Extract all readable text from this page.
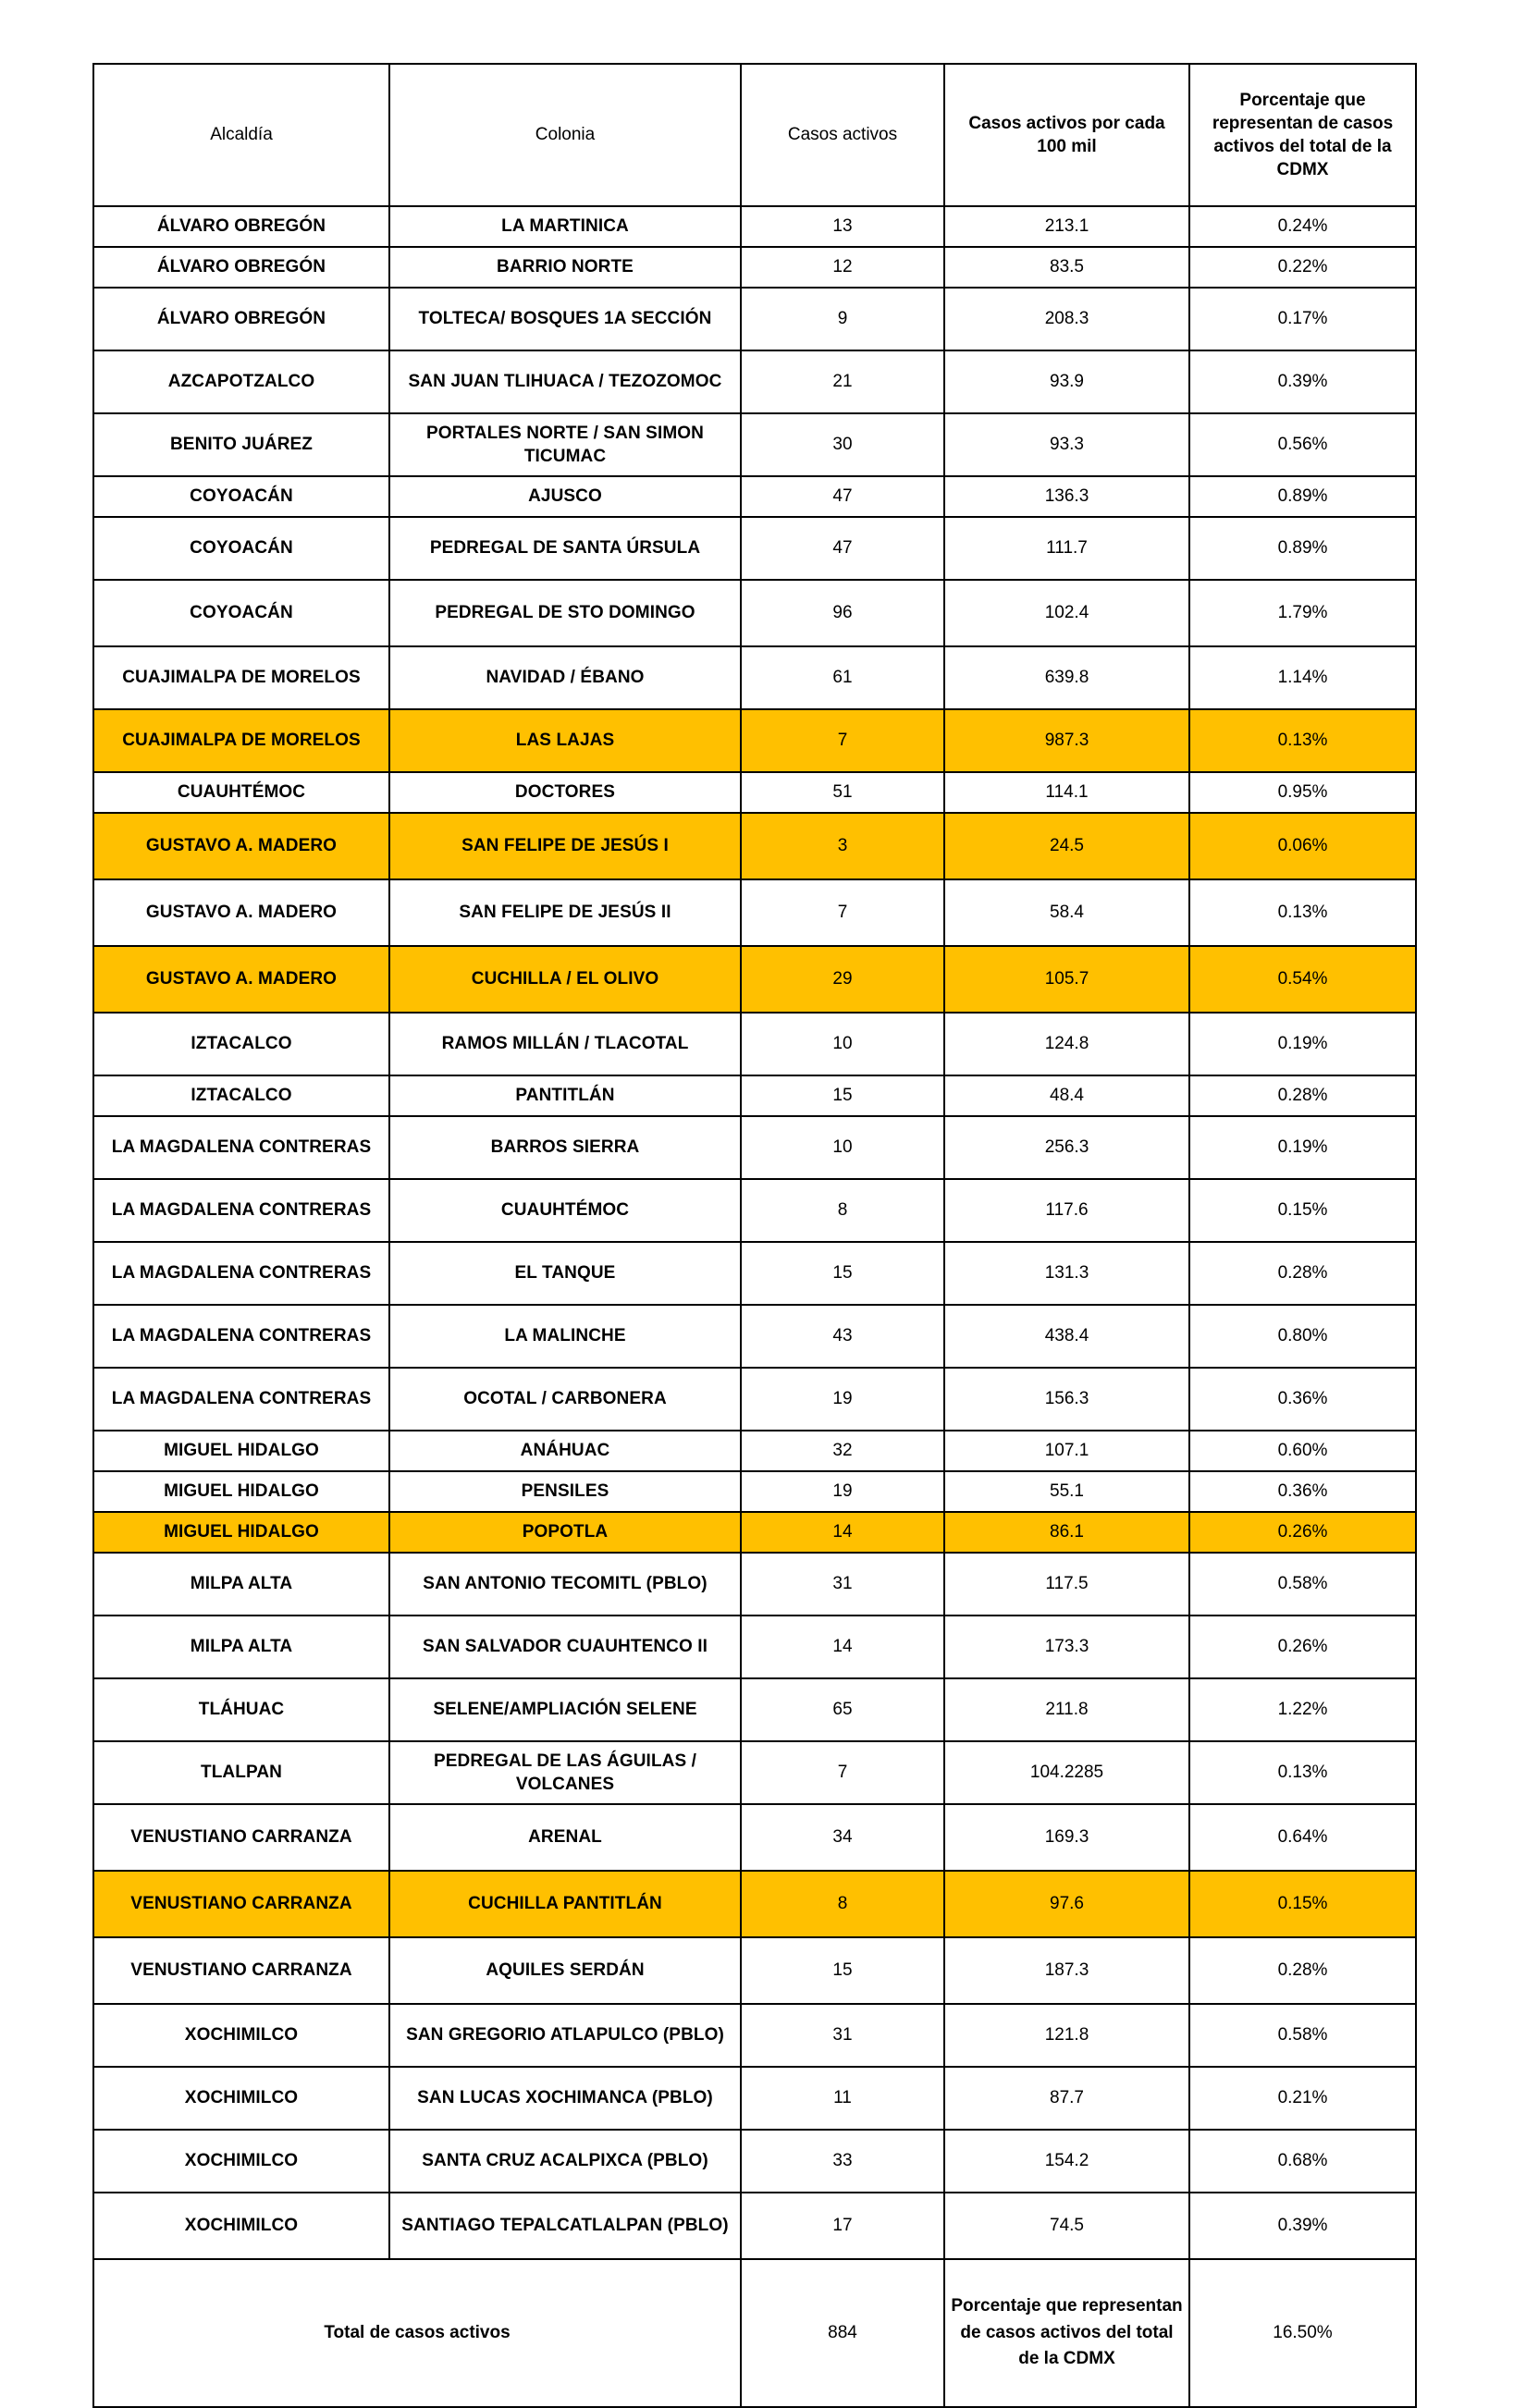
Alcaldía	Colonia	Casos activos	Casos activos por cada 100 mil	Porcentaje que representan de casos activos del total de la CDMX
ÁLVARO OBREGÓN	LA MARTINICA	13	213.1	0.24%
ÁLVARO OBREGÓN	BARRIO NORTE	12	83.5	0.22%
ÁLVARO OBREGÓN	TOLTECA/ BOSQUES 1A SECCIÓN	9	208.3	0.17%
AZCAPOTZALCO	SAN JUAN TLIHUACA / TEZOZOMOC	21	93.9	0.39%
BENITO JUÁREZ	PORTALES NORTE / SAN SIMON TICUMAC	30	93.3	0.56%
COYOACÁN	AJUSCO	47	136.3	0.89%
COYOACÁN	PEDREGAL DE SANTA ÚRSULA	47	111.7	0.89%
COYOACÁN	PEDREGAL DE STO DOMINGO	96	102.4	1.79%
CUAJIMALPA DE MORELOS	NAVIDAD / ÉBANO	61	639.8	1.14%
CUAJIMALPA DE MORELOS	LAS LAJAS	7	987.3	0.13%
CUAUHTÉMOC	DOCTORES	51	114.1	0.95%
GUSTAVO A. MADERO	SAN FELIPE DE JESÚS I	3	24.5	0.06%
GUSTAVO A. MADERO	SAN FELIPE DE JESÚS II	7	58.4	0.13%
GUSTAVO A. MADERO	CUCHILLA / EL OLIVO	29	105.7	0.54%
IZTACALCO	RAMOS MILLÁN / TLACOTAL	10	124.8	0.19%
IZTACALCO	PANTITLÁN	15	48.4	0.28%
LA MAGDALENA CONTRERAS	BARROS SIERRA	10	256.3	0.19%
LA MAGDALENA CONTRERAS	CUAUHTÉMOC	8	117.6	0.15%
LA MAGDALENA CONTRERAS	EL TANQUE	15	131.3	0.28%
LA MAGDALENA CONTRERAS	LA MALINCHE	43	438.4	0.80%
LA MAGDALENA CONTRERAS	OCOTAL / CARBONERA	19	156.3	0.36%
MIGUEL HIDALGO	ANÁHUAC	32	107.1	0.60%
MIGUEL HIDALGO	PENSILES	19	55.1	0.36%
MIGUEL HIDALGO	POPOTLA	14	86.1	0.26%
MILPA ALTA	SAN ANTONIO TECOMITL (PBLO)	31	117.5	0.58%
MILPA ALTA	SAN SALVADOR CUAUHTENCO II	14	173.3	0.26%
TLÁHUAC	SELENE/AMPLIACIÓN SELENE	65	211.8	1.22%
TLALPAN	PEDREGAL DE LAS ÁGUILAS / VOLCANES	7	104.2285	0.13%
VENUSTIANO CARRANZA	ARENAL	34	169.3	0.64%
VENUSTIANO CARRANZA	CUCHILLA PANTITLÁN	8	97.6	0.15%
VENUSTIANO CARRANZA	AQUILES SERDÁN	15	187.3	0.28%
XOCHIMILCO	SAN GREGORIO ATLAPULCO (PBLO)	31	121.8	0.58%
XOCHIMILCO	SAN LUCAS XOCHIMANCA (PBLO)	11	87.7	0.21%
XOCHIMILCO	SANTA CRUZ ACALPIXCA (PBLO)	33	154.2	0.68%
XOCHIMILCO	SANTIAGO TEPALCATLALPAN (PBLO)	17	74.5	0.39%
Total de casos activos		884	Porcentaje que representan de casos activos del total de la CDMX	16.50%
